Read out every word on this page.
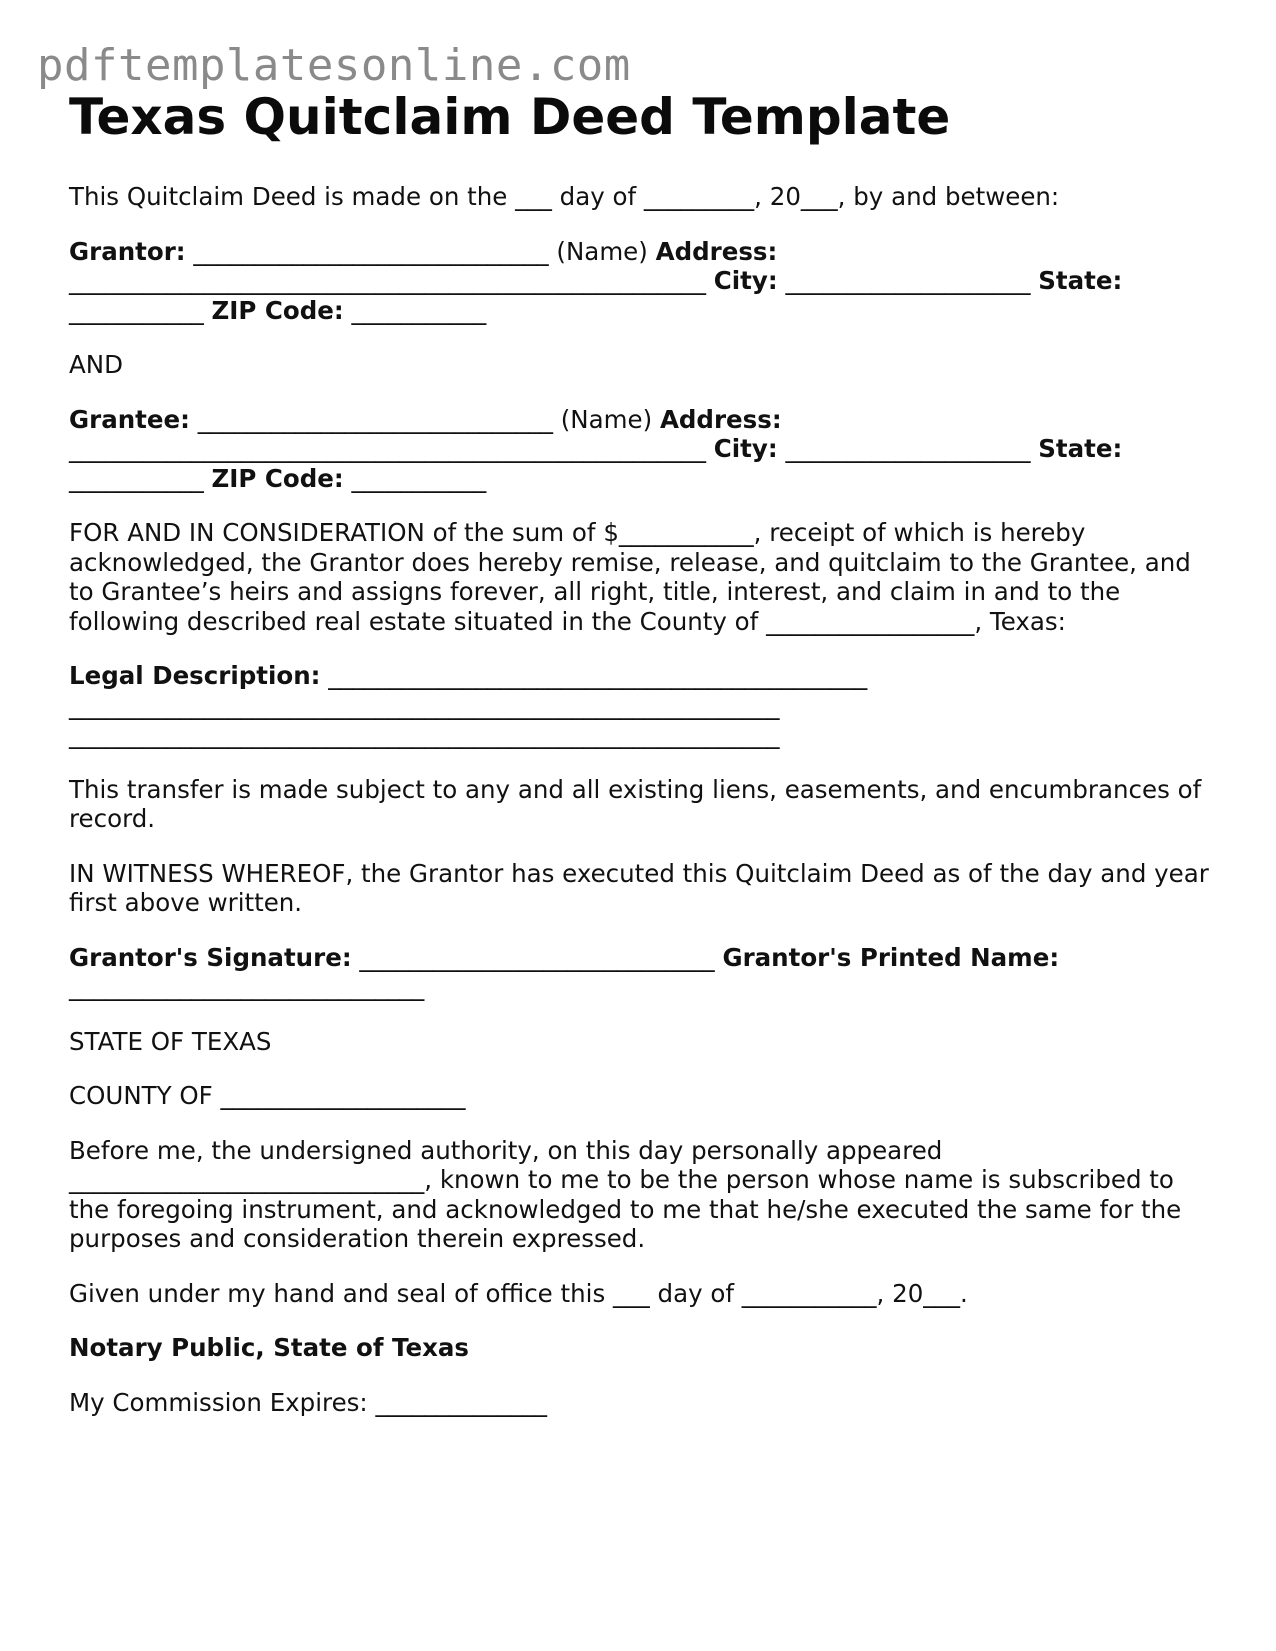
pdftemplatesonline.com
Texas Quitclaim Deed Template

This Quitclaim Deed is made on the ___ day of _________, 20___, by and between:

Grantor: _____________________________ (Name) Address: ____________________________________________________ City: ____________________ State: ___________ ZIP Code: ___________

AND

Grantee: _____________________________ (Name) Address: ____________________________________________________ City: ____________________ State: ___________ ZIP Code: ___________

FOR AND IN CONSIDERATION of the sum of $___________, receipt of which is hereby acknowledged, the Grantor does hereby remise, release, and quitclaim to the Grantee, and to Grantee’s heirs and assigns forever, all right, title, interest, and claim in and to the following described real estate situated in the County of _________________, Texas:

Legal Description: ____________________________________________
__________________________________________________________
__________________________________________________________

This transfer is made subject to any and all existing liens, easements, and encumbrances of record.

IN WITNESS WHEREOF, the Grantor has executed this Quitclaim Deed as of the day and year first above written.

Grantor's Signature: _____________________________ Grantor's Printed Name:
_____________________________

STATE OF TEXAS

COUNTY OF ____________________

Before me, the undersigned authority, on this day personally appeared _____________________________, known to me to be the person whose name is subscribed to the foregoing instrument, and acknowledged to me that he/she executed the same for the purposes and consideration therein expressed.

Given under my hand and seal of office this ___ day of ___________, 20___.

Notary Public, State of Texas

My Commission Expires: ______________
